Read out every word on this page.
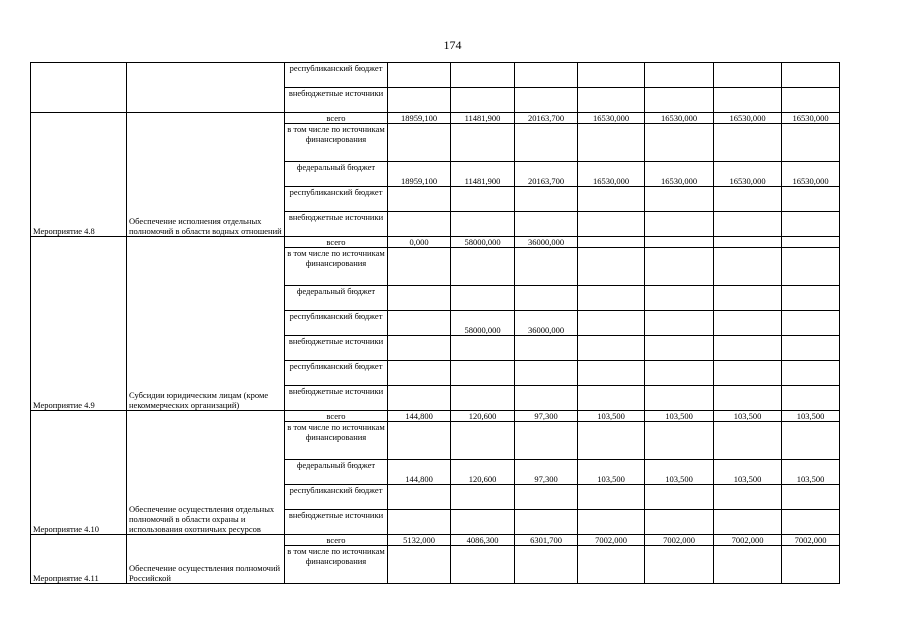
174
		республиканский бюджет							
		внебюджетные источники							
Мероприятие 4.8	Обеспечение исполнения отдельных полномочий в области водных отношений	всего	18959,100	11481,900	20163,700	16530,000	16530,000	16530,000	16530,000
		в том числе по источникам финансирования							
		федеральный бюджет	18959,100	11481,900	20163,700	16530,000	16530,000	16530,000	16530,000
		республиканский бюджет							
		внебюджетные источники							
Мероприятие 4.9	Субсидии юридическим лицам (кроме некоммерческих организаций)	всего	0,000	58000,000	36000,000				
		в том числе по источникам финансирования							
		федеральный бюджет							
		республиканский бюджет		58000,000	36000,000				
		внебюджетные источники							
		республиканский бюджет							
		внебюджетные источники							
Мероприятие 4.10	Обеспечение осуществления отдельных полномочий в области охраны и использования охотничьих ресурсов	всего	144,800	120,600	97,300	103,500	103,500	103,500	103,500
		в том числе по источникам финансирования							
		федеральный бюджет	144,800	120,600	97,300	103,500	103,500	103,500	103,500
		республиканский бюджет							
		внебюджетные источники							
Мероприятие 4.11	Обеспечение осуществления полномочий Российской	всего	5132,000	4086,300	6301,700	7002,000	7002,000	7002,000	7002,000
		в том числе по источникам финансирования							
